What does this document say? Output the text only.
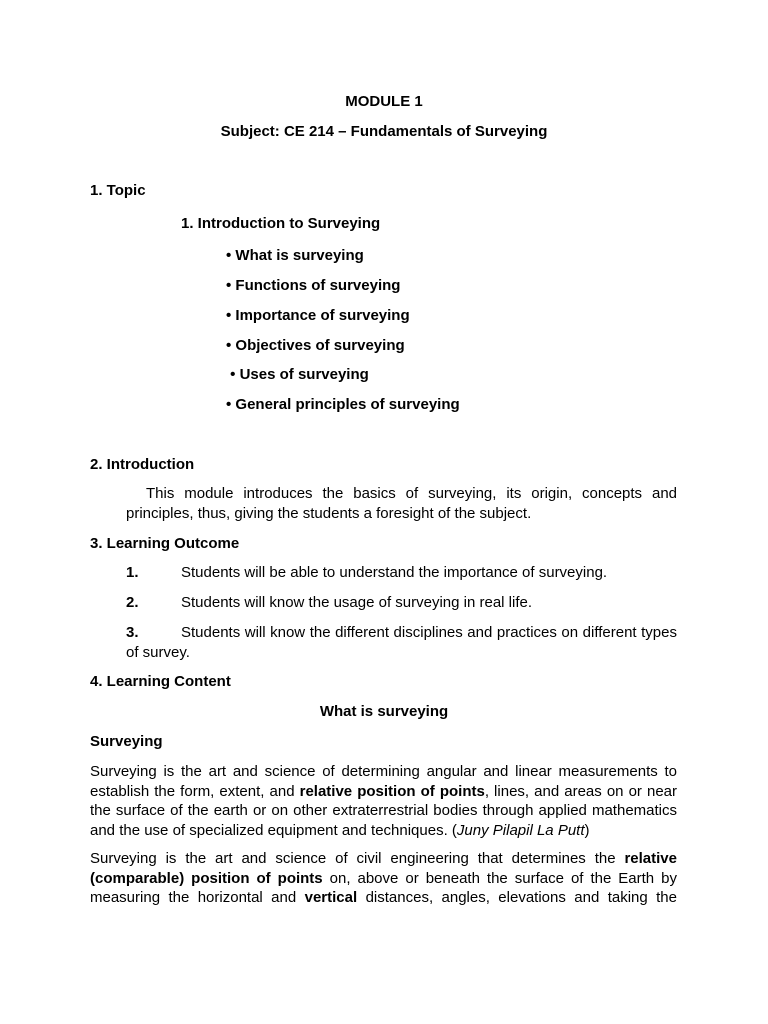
MODULE 1

Subject: CE 214 – Fundamentals of Surveying

1. Topic

1. Introduction to Surveying

• What is surveying

• Functions of surveying

• Importance of surveying

• Objectives of surveying

• Uses of surveying

• General principles of surveying

2. Introduction

This module introduces the basics of surveying, its origin, concepts and principles, thus, giving the students a foresight of the subject.

3. Learning Outcome

1.	Students will be able to understand the importance of surveying.

2.	Students will know the usage of surveying in real life.

3.	Students will know the different disciplines and practices on different types of survey.

4. Learning Content

What is surveying

Surveying

Surveying is the art and science of determining angular and linear measurements to establish the form, extent, and relative position of points, lines, and areas on or near the surface of the earth or on other extraterrestrial bodies through applied mathematics and the use of specialized equipment and techniques. (Juny Pilapil La Putt)

Surveying is the art and science of civil engineering that determines the relative (comparable) position of points on, above or beneath the surface of the Earth by measuring the horizontal and vertical distances, angles, elevations and taking the
